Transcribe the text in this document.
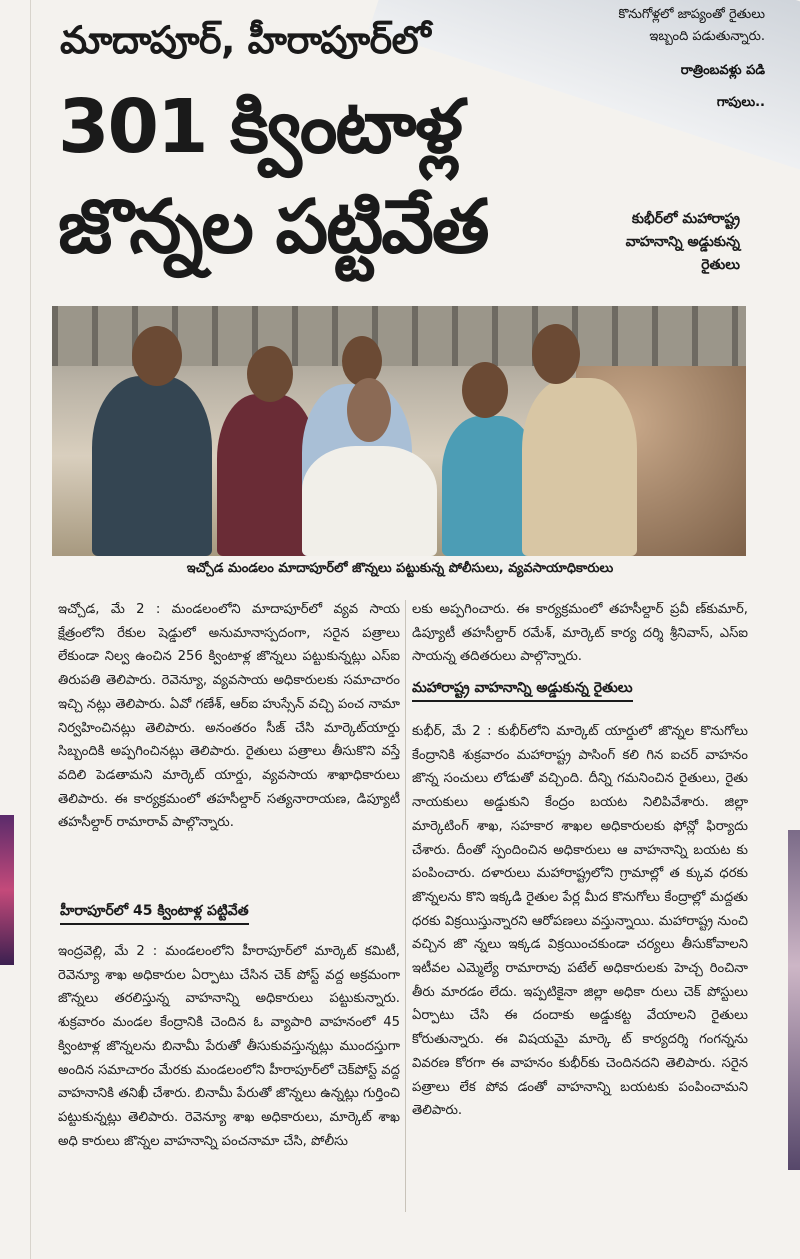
కొనుగోళ్లలో జాప్యంతో రైతులు
ఇబ్బంది పడుతున్నారు.
రాత్రింబవళ్లు పడి
గాపులు..
మాదాపూర్, హీరాపూర్‌లో
301 క్వింటాళ్ల
జొన్నల పట్టివేత	కుభీర్‌లో మహారాష్ట్ర
వాహనాన్ని అడ్డుకున్న
రైతులు
ఇచ్చోడ మండలం మాదాపూర్‌లో జొన్నలు పట్టుకున్న పోలీసులు, వ్యవసాయాధికారులు

ఇచ్చోడ, మే 2 : మండలంలోని మాదాపూర్‌లో వ్యవ సాయ క్షేత్రంలోని రేకుల షెడ్డులో అనుమానాస్పదంగా, సరైన పత్రాలు లేకుండా నిల్వ ఉంచిన 256 క్వింటాళ్ల జొన్నలు పట్టుకున్నట్లు ఎస్ఐ తిరుపతి తెలిపారు. రెవెన్యూ, వ్యవసాయ అధికారులకు సమాచారం ఇచ్చి నట్లు తెలిపారు. ఏవో గణేశ్, ఆర్ఐ హుస్సేన్ వచ్చి పంచ నామా నిర్వహించినట్లు తెలిపారు. అనంతరం సీజ్ చేసి మార్కెట్‌యార్డు సిబ్బందికి అప్పగించినట్లు తెలిపారు. రైతులు పత్రాలు తీసుకొని వస్తే వదిలి పెడతామని మార్కెట్ యార్డు, వ్యవసాయ శాఖాధికారులు తెలిపారు. ఈ కార్యక్రమంలో తహసీల్దార్ సత్యనారాయణ, డిప్యూటీ తహసీల్దార్ రామారావ్ పాల్గొన్నారు.

హీరాపూర్‌లో 45 క్వింటాళ్ల పట్టివేత

ఇంద్రవెల్లి, మే 2 : మండలంలోని హీరాపూర్‌లో మార్కెట్ కమిటీ, రెవెన్యూ శాఖ అధికారుల ఏర్పాటు చేసిన చెక్ పోస్ట్ వద్ద అక్రమంగా జొన్నలు తరలిస్తున్న వాహనాన్ని అధికారులు పట్టుకున్నారు. శుక్రవారం మండల కేంద్రానికి చెందిన ఓ వ్యాపారి వాహనంలో 45 క్వింటాళ్ల జొన్నలను బినామీ పేరుతో తీసుకువస్తున్నట్లు ముందస్తుగా అందిన సమాచారం మేరకు మండలంలోని హీరాపూర్‌లో చెక్‌పోస్ట్ వద్ద వాహనానికి తనిఖీ చేశారు. బినామీ పేరుతో జొన్నలు ఉన్నట్లు గుర్తించి పట్టుకున్నట్లు తెలిపారు. రెవెన్యూ శాఖ అధికారులు, మార్కెట్ శాఖ అధి కారులు జొన్నల వాహనాన్ని పంచనామా చేసి, పోలీసు

లకు అప్పగించారు. ఈ కార్యక్రమంలో తహసీల్దార్ ప్రవీ ణ్‌కుమార్, డిప్యూటీ తహసీల్దార్ రమేశ్, మార్కెట్ కార్య దర్శి శ్రీనివాస్, ఎస్ఐ సాయన్న తదితరులు పాల్గొన్నారు.

మహారాష్ట్ర వాహనాన్ని అడ్డుకున్న రైతులు

కుభీర్, మే 2 : కుభీర్‌లోని మార్కెట్ యార్డులో జొన్నల కొనుగోలు కేంద్రానికి శుక్రవారం మహారాష్ట్ర పాసింగ్ కలి గిన ఐచర్ వాహనం జొన్న సంచులు లోడుతో వచ్చింది. దీన్ని గమనించిన రైతులు, రైతు నాయకులు అడ్డుకుని కేంద్రం బయట నిలిపివేశారు. జిల్లా మార్కెటింగ్ శాఖ, సహకార శాఖల అధికారులకు ఫోన్లో ఫిర్యాదు చేశారు. దీంతో స్పందించిన అధికారులు ఆ వాహనాన్ని బయట కు పంపించారు. దళారులు మహారాష్ట్రలోని గ్రామాల్లో త క్కువ ధరకు జొన్నలను కొని ఇక్కడి రైతుల పేర్ల మీద కొనుగోలు కేంద్రాల్లో మద్దతు ధరకు విక్రయిస్తున్నారని ఆరోపణలు వస్తున్నాయి. మహారాష్ట్ర నుంచి వచ్చిన జొ న్నలు ఇక్కడ విక్రయించకుండా చర్యలు తీసుకోవాలని ఇటీవల ఎమ్మెల్యే రామారావు పటేల్ అధికారులకు హెచ్చ రించినా తీరు మారడం లేదు. ఇప్పటికైనా జిల్లా అధికా రులు చెక్ పోస్టులు ఏర్పాటు చేసి ఈ దందాకు అడ్డుకట్ట వేయాలని రైతులు కోరుతున్నారు. ఈ విషయమై మార్కె ట్ కార్యదర్శి గంగన్నను వివరణ కోరగా ఈ వాహనం కుభీర్‌కు చెందినదని తెలిపారు. సరైన పత్రాలు లేక పోవ డంతో వాహనాన్ని బయటకు పంపించామని తెలిపారు.
